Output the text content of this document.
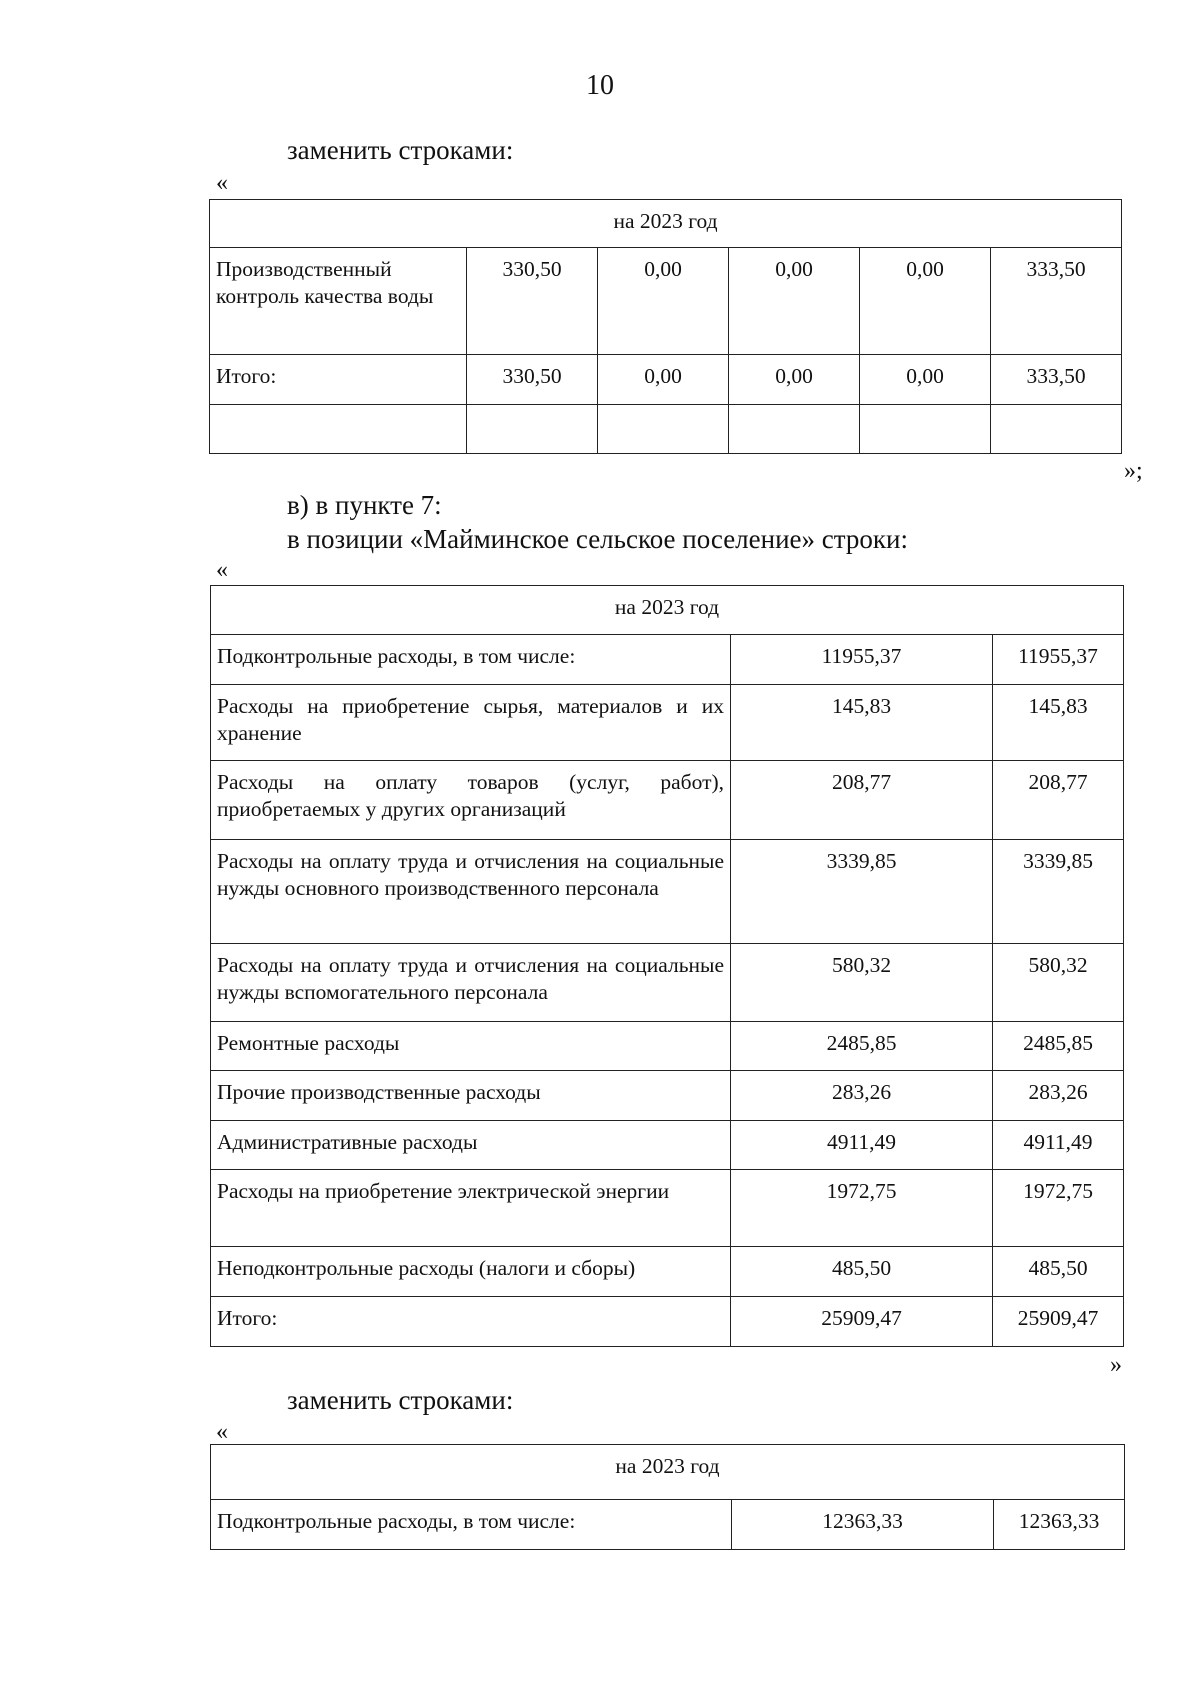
10
заменить строками:
«
на 2023 год					
Производственный контроль качества воды	330,50	0,00	0,00	0,00	333,50
Итого:	330,50	0,00	0,00	0,00	333,50

»;
в) в пункте 7:
в позиции «Майминское сельское поселение» строки:
«
на 2023 год		
Подконтрольные расходы, в том числе:	11955,37	11955,37
Расходы на приобретение сырья, материалов и их хранение	145,83	145,83
Расходы на оплату товаров (услуг, работ), приобретаемых у других организаций	208,77	208,77
Расходы на оплату труда и отчисления на социальные нужды основного производственного персонала	3339,85	3339,85
Расходы на оплату труда и отчисления на социальные нужды вспомогательного персонала	580,32	580,32
Ремонтные расходы	2485,85	2485,85
Прочие производственные расходы	283,26	283,26
Административные расходы	4911,49	4911,49
Расходы на приобретение электрической энергии	1972,75	1972,75
Неподконтрольные расходы (налоги и сборы)	485,50	485,50
Итого:	25909,47	25909,47
»
заменить строками:
«
на 2023 год
Подконтрольные расходы, в том числе:	12363,33	12363,33
